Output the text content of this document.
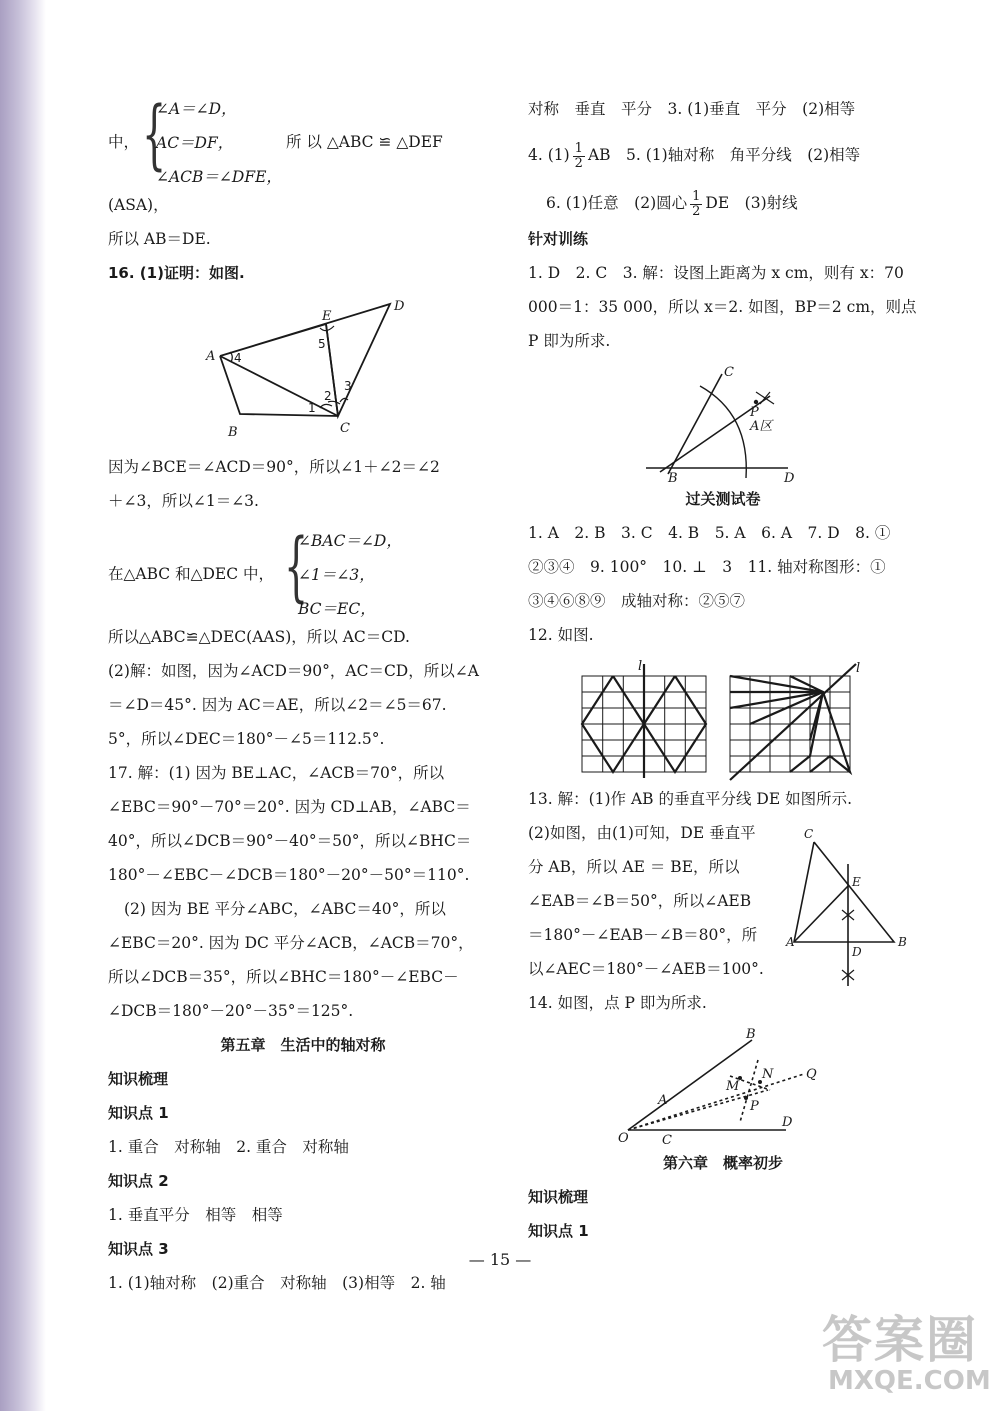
中， {
∠A＝∠D，
AC＝DF，
∠ACB＝∠DFE，
所 以 △ABC ≌ △DEF
(ASA)，
所以 AB＝DE.
16. (1)证明：如图.
A
B	C
D
E
1
2
3
4
5
因为∠BCE＝∠ACD＝90°，所以∠1＋∠2＝∠2
＋∠3，所以∠1＝∠3.
在△ABC 和△DEC 中， {
∠BAC＝∠D，
∠1＝∠3，
BC＝EC，
所以△ABC≌△DEC(AAS)，所以 AC＝CD.
(2)解：如图，因为∠ACD＝90°，AC＝CD，所以∠A
＝∠D＝45°. 因为 AC＝AE，所以∠2＝∠5＝67.
5°，所以∠DEC＝180°－∠5＝112.5°.
17. 解：(1) 因为 BE⊥AC，∠ACB＝70°，所以
∠EBC＝90°－70°＝20°. 因为 CD⊥AB，∠ABC＝
40°，所以∠DCB＝90°－40°＝50°，所以∠BHC＝
180°－∠EBC－∠DCB＝180°－20°－50°＝110°.
(2) 因为 BE 平分∠ABC，∠ABC＝40°，所以
∠EBC＝20°. 因为 DC 平分∠ACB，∠ACB＝70°，
所以∠DCB＝35°，所以∠BHC＝180°－∠EBC－
∠DCB＝180°－20°－35°＝125°.
第五章　生活中的轴对称
知识梳理
知识点 1
1. 重合　对称轴　2. 重合　对称轴
知识点 2
1. 垂直平分　相等　相等
知识点 3
1. (1)轴对称　(2)重合　对称轴　(3)相等　2. 轴
对称　垂直　平分　3. (1)垂直　平分　(2)相等
4. $(1) \frac{1}{2}$ AB　5. (1)轴对称　角平分线　(2)相等
6. (1)任意　(2)圆心 $\frac{1}{2}$ DE　(3)射线
针对训练
1. D　2. C　3. 解：设图上距离为 x cm，则有 x：70
000＝1：35 000，所以 x＝2. 如图，BP＝2 cm，则点
P 即为所求.
C
B	D
P
A区
过关测试卷
1. A　2. B　3. C　4. B　5. A　6. A　7. D　8. ①
②③④　9. 100°　10. ⊥　3　11. 轴对称图形：①
③④⑥⑧⑨　成轴对称：②⑤⑦
12. 如图.
l	l
13. 解：(1)作 AB 的垂直平分线 DE 如图所示.
(2)如图，由(1)可知，DE 垂直平
分 AB，所以 AE ＝ BE，所以
∠EAB＝∠B＝50°，所以∠AEB
＝180°－∠EAB－∠B＝80°，所
以∠AEC＝180°－∠AEB＝100°.
C
A	B
E
D
14. 如图，点 P 即为所求.
B
A
N
M
Q
P
O	C
D
第六章　概率初步
知识梳理
知识点 1
— 15 —
答案圈
MXQE.COM
